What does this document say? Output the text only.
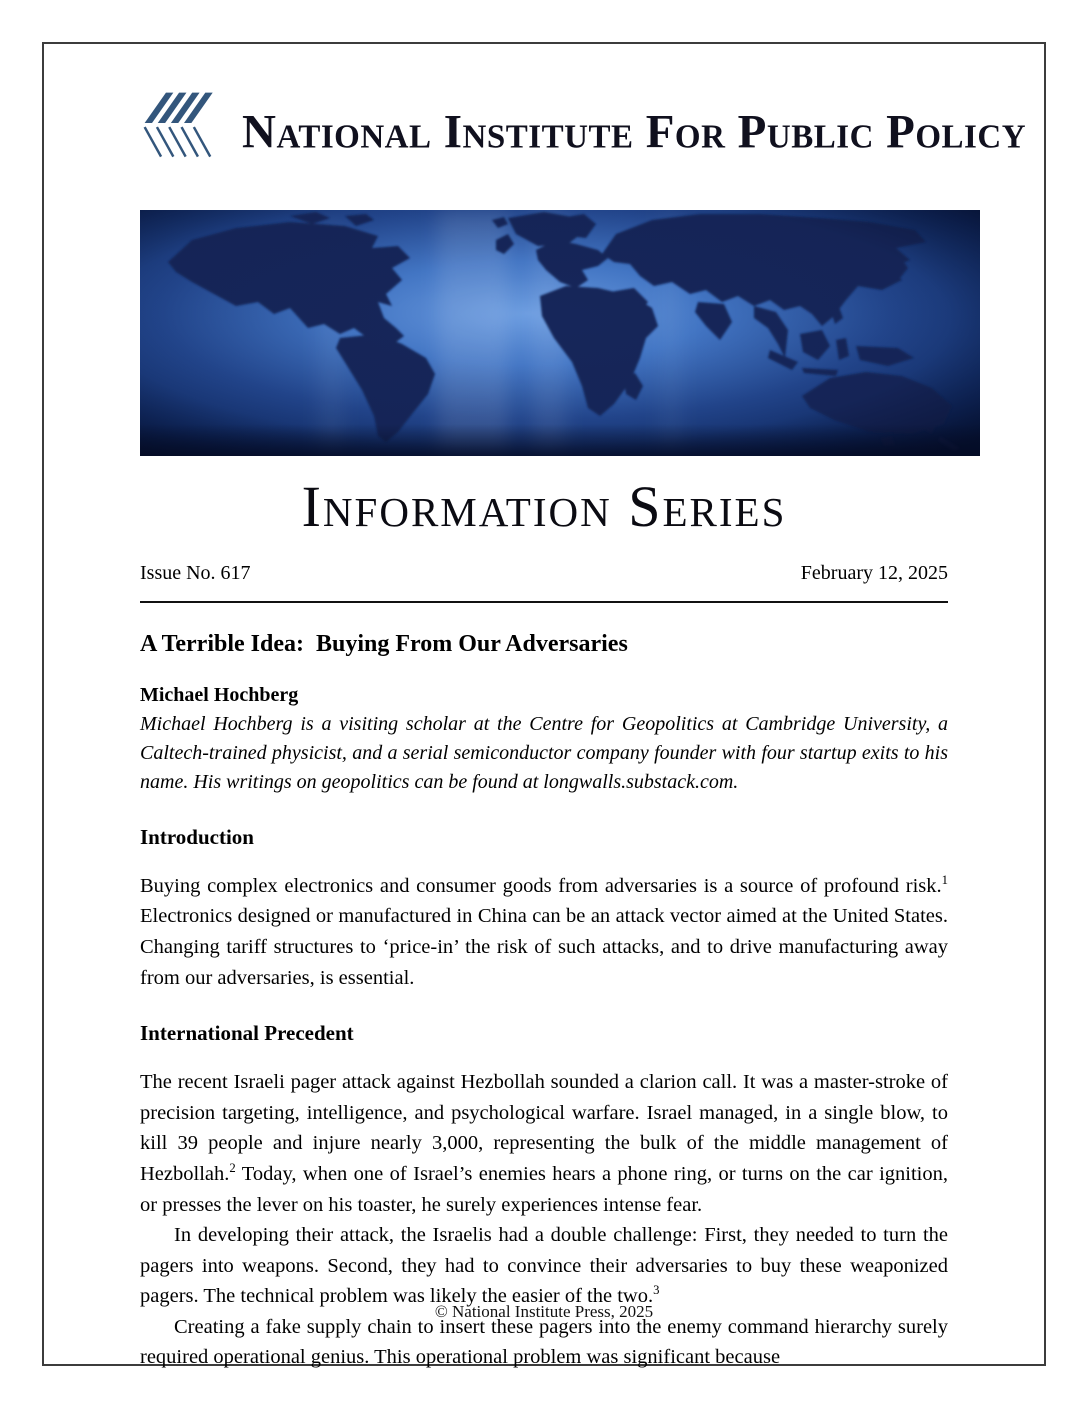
National Institute For Public Policy
Information Series
Issue No. 617	February 12, 2025
A Terrible Idea:  Buying From Our Adversaries
Michael Hochberg
Michael Hochberg is a visiting scholar at the Centre for Geopolitics at Cambridge University, a Caltech-trained physicist, and a serial semiconductor company founder with four startup exits to his name. His writings on geopolitics can be found at longwalls.substack.com.
Introduction

Buying complex electronics and consumer goods from adversaries is a source of profound risk.$^1$ Electronics designed or manufactured in China can be an attack vector aimed at the United States. Changing tariff structures to ‘price-in’ the risk of such attacks, and to drive manufacturing away from our adversaries, is essential.

International Precedent

The recent Israeli pager attack against Hezbollah sounded a clarion call. It was a master-stroke of precision targeting, intelligence, and psychological warfare. Israel managed, in a single blow, to kill 39 people and injure nearly 3,000, representing the bulk of the middle management of Hezbollah.$^2$ Today, when one of Israel’s enemies hears a phone ring, or turns on the car ignition, or presses the lever on his toaster, he surely experiences intense fear.

In developing their attack, the Israelis had a double challenge: First, they needed to turn the pagers into weapons. Second, they had to convince their adversaries to buy these weaponized pagers. The technical problem was likely the easier of the two.$^3$

Creating a fake supply chain to insert these pagers into the enemy command hierarchy surely required operational genius. This operational problem was significant because

© National Institute Press, 2025
